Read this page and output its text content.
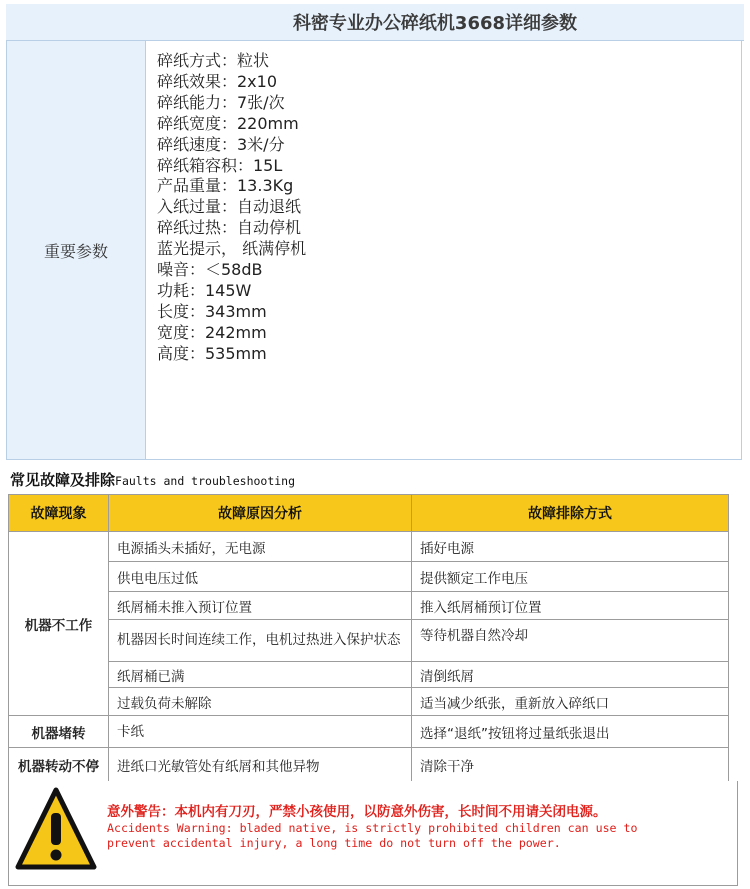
科密专业办公碎纸机3668详细参数
重要参数
碎纸方式：粒状
碎纸效果：2x10
碎纸能力：7张/次
碎纸宽度：220mm
碎纸速度：3米/分
碎纸箱容积：15L
产品重量：13.3Kg
入纸过量：自动退纸
碎纸过热：自动停机
蓝光提示， 纸满停机
噪音：＜58dB
功耗：145W
长度：343mm
宽度：242mm
高度：535mm
常见故障及排除Faults and troubleshooting
故障现象	故障原因分析	故障排除方式
机器不工作	电源插头未插好，无电源	插好电源
	供电电压过低	提供额定工作电压
	纸屑桶未推入预订位置	推入纸屑桶预订位置
	机器因长时间连续工作，电机过热进入保护状态	等待机器自然冷却
	纸屑桶已满	清倒纸屑
	过载负荷未解除	适当减少纸张，重新放入碎纸口
机器堵转	卡纸	选择“退纸”按钮将过量纸张退出
机器转动不停	进纸口光敏管处有纸屑和其他异物	清除干净
意外警告：本机内有刀刃，严禁小孩使用，以防意外伤害，长时间不用请关闭电源。
Accidents Warning: bladed native, is strictly prohibited children can use to
prevent accidental injury, a long time do not turn off the power.
